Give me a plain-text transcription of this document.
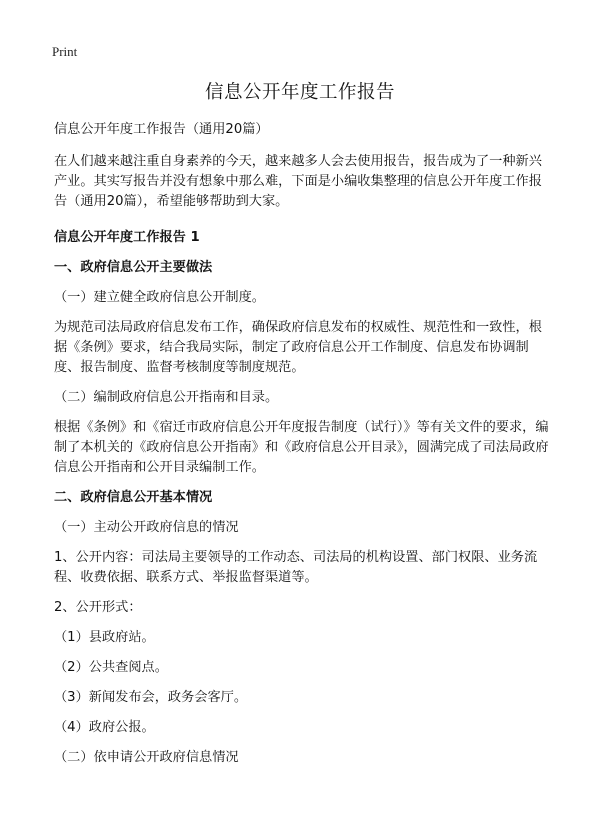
Print
信息公开年度工作报告

信息公开年度工作报告（通用20篇）

在人们越来越注重自身素养的今天，越来越多人会去使用报告，报告成为了一种新兴产业。其实写报告并没有想象中那么难，下面是小编收集整理的信息公开年度工作报告（通用20篇），希望能够帮助到大家。

信息公开年度工作报告 1

一、政府信息公开主要做法

（一）建立健全政府信息公开制度。

为规范司法局政府信息发布工作，确保政府信息发布的权威性、规范性和一致性，根据《条例》要求，结合我局实际，制定了政府信息公开工作制度、信息发布协调制度、报告制度、监督考核制度等制度规范。

（二）编制政府信息公开指南和目录。

根据《条例》和《宿迁市政府信息公开年度报告制度（试行）》等有关文件的要求，编制了本机关的《政府信息公开指南》和《政府信息公开目录》，圆满完成了司法局政府信息公开指南和公开目录编制工作。

二、政府信息公开基本情况

（一）主动公开政府信息的情况

1、公开内容：司法局主要领导的工作动态、司法局的机构设置、部门权限、业务流程、收费依据、联系方式、举报监督渠道等。

2、公开形式：

（1）县政府站。

（2）公共查阅点。

（3）新闻发布会，政务会客厅。

（4）政府公报。

（二）依申请公开政府信息情况
